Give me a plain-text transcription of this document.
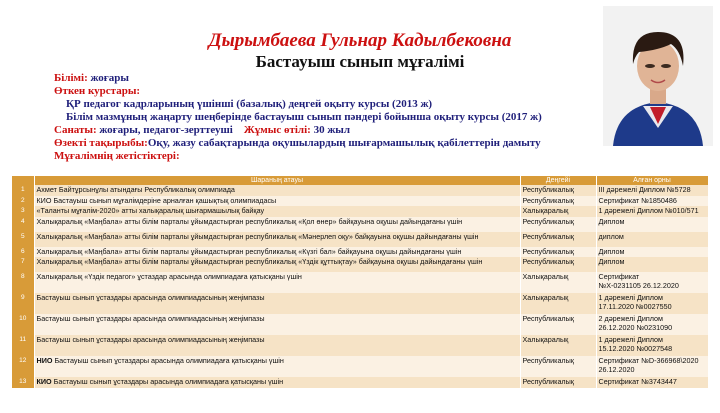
Дырымбаева Гульнар Кадылбековна
Бастауыш сынып мұғалімі
Білімі: жоғары
Өткен курстары:
ҚР педагог кадрларының үшінші (базалық) деңгей оқыту курсы (2013 ж)
Білім мазмұның жаңарту шеңберінде бастауыш сынып пәндері бойынша оқыту курсы (2017 ж)
Санаты: жоғары, педагог-зерттеуші Жұмыс өтілі: 30 жыл
Өзекті тақырыбы:Оқу, жазу сабақтарында оқушылардың шығармашылық қабілеттерін дамыту
Мұғалімнің жетістіктері:
	Шараның атауы	Деңгейі	Алған орны
1	Ахмет Байтұрсынұлы атындағы Республикалық олимпиада	Республикалық	ІІІ дәрежелі Диплом №5728
2	КИО Бастауыш сынып мұғалімдеріне арналған қашықтық олимпиадасы	Республикалық	Сертификат №1850486
3	«Таланты мұғалім-2020» атты халықаралық шығармашылық байқау	Халықаралық	1 дәрежелі Диплом №010/571
4	Халықаралық «Маңбала» атты білім парталы ұйымдастырған республикалық «Қол өнер» байқауына оқушы дайындағаны үшін	Республикалық	Диплом
5	Халықаралық «Маңбала» атты білім парталы ұйымдастырған республикалық «Мәнерлеп оқу» байқауына оқушы дайындағаны үшін	Республикалық	диплом
6	Халықаралық «Маңбала» атты білім парталы ұйымдастырған республикалық «Күзгі бал» байқауына оқушы дайындағаны үшін	Республикалық	Диплом
7	Халықаралық «Маңбала» атты білім парталы ұйымдастырған республикалық «Үздік құттықтау» байқауына оқушы дайындағаны үшін	Республикалық	Диплом
8	Халықаралық «Үздік педагог» ұстаздар арасында олимпиадаға қатысқаны үшін	Халықаралық	Сертификат
№Х-0231105 26.12.2020
9	Бастауыш сынып ұстаздары арасында олимпиадасының жеңімпазы	Халықаралық	1 дәрежелі Диплом
17.11.2020 №0027550
10	Бастауыш сынып ұстаздары арасында олимпиадасының жеңімпазы	Республикалық	2 дәрежелі Диплом
26.12.2020 №0231090
11	Бастауыш сынып ұстаздары арасында олимпиадасының жеңімпазы	Халықаралық	1 дәрежелі Диплом
15.12.2020 №0027548
12	НИО Бастауыш сынып ұстаздары арасында олимпиадаға қатысқаны үшін	Республикалық	Сертификат №D-366968\2020
26.12.2020
13	КИО Бастауыш сынып ұстаздары арасында олимпиадаға қатысқаны үшін	Республикалық	Сертификат №3743447
